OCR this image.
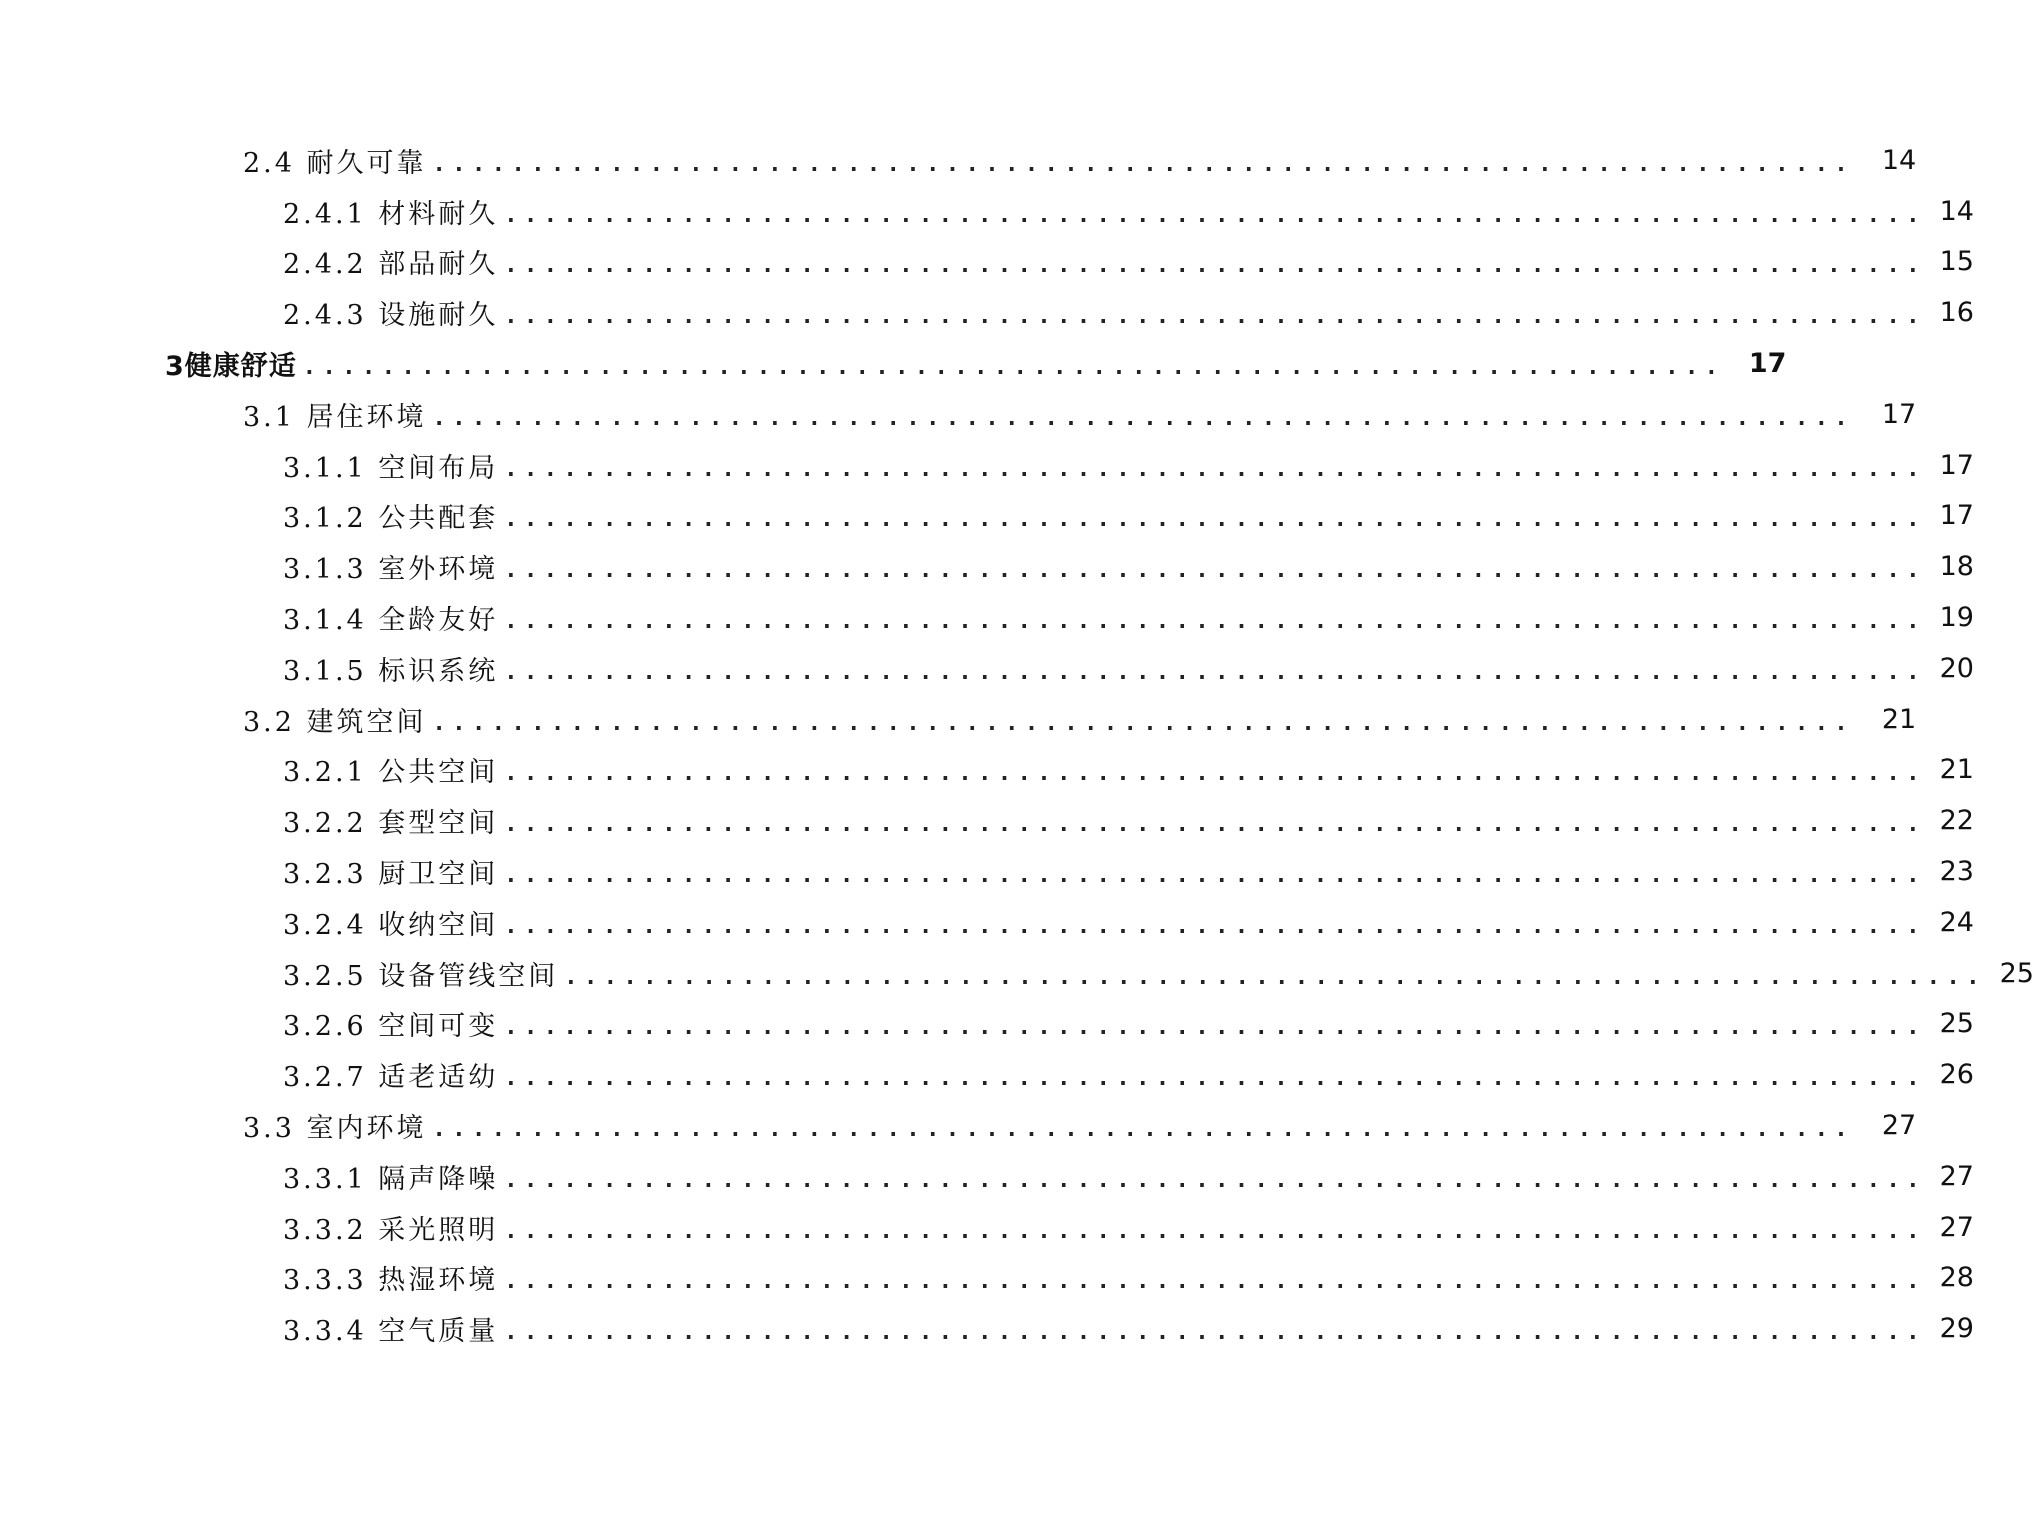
2.4 耐久可靠 ........................................................................ 14
2.4.1 材料耐久 ........................................................................ 14
2.4.2 部品耐久 ........................................................................ 15
2.4.3 设施耐久 ........................................................................ 16
3健康舒适 ........................................................................ 17
3.1 居住环境 ........................................................................ 17
3.1.1 空间布局 ........................................................................ 17
3.1.2 公共配套 ........................................................................ 17
3.1.3 室外环境 ........................................................................ 18
3.1.4 全龄友好 ........................................................................ 19
3.1.5 标识系统 ........................................................................ 20
3.2 建筑空间 ........................................................................ 21
3.2.1 公共空间 ........................................................................ 21
3.2.2 套型空间 ........................................................................ 22
3.2.3 厨卫空间 ........................................................................ 23
3.2.4 收纳空间 ........................................................................ 24
3.2.5 设备管线空间 ........................................................................ 25
3.2.6 空间可变 ........................................................................ 25
3.2.7 适老适幼 ........................................................................ 26
3.3 室内环境 ........................................................................ 27
3.3.1 隔声降噪 ........................................................................ 27
3.3.2 采光照明 ........................................................................ 27
3.3.3 热湿环境 ........................................................................ 28
3.3.4 空气质量 ........................................................................ 29
